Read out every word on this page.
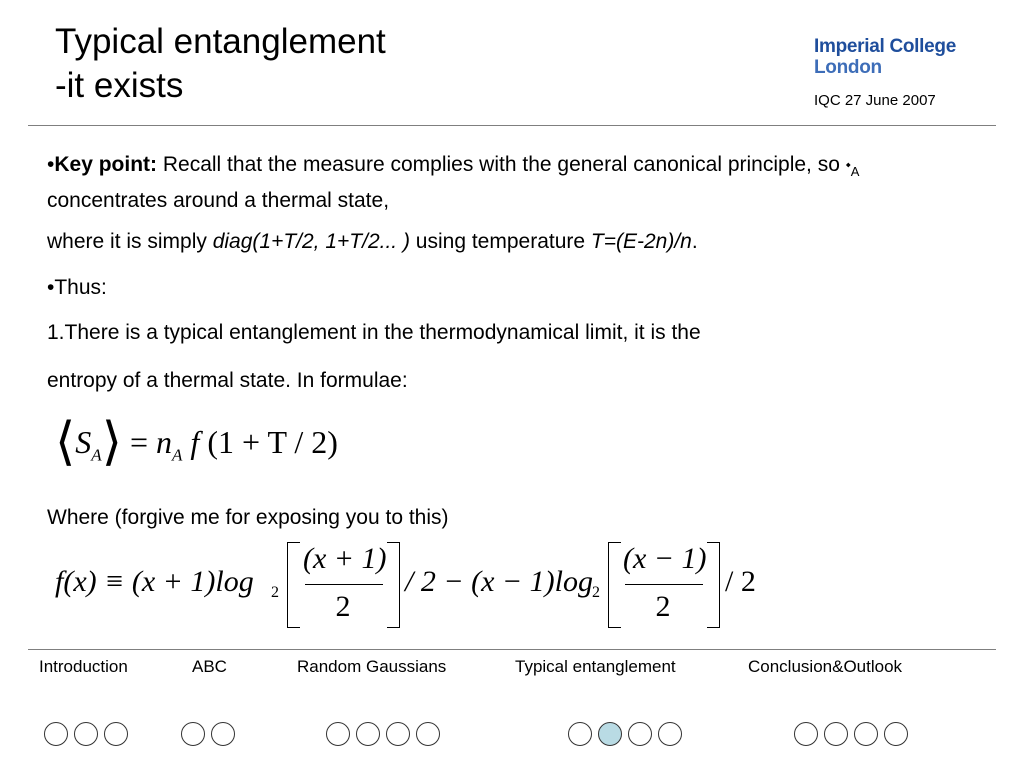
Typical entanglement
-it exists
Imperial College
London
IQC 27 June 2007
•Key point: Recall that the measure complies with the general canonical principle, so $⬩_A$ concentrates around a thermal state,
where it is simply diag(1+T/2, 1+T/2... ) using temperature T=(E-2n)/n.
•Thus:
1.There is a typical entanglement in the thermodynamical limit, it is the
entropy of a thermal state. In formulae:
$⟨S_A⟩ = n_A$ f (1 + T / 2)
Where (forgive me for exposing you to this)
f(x) ≡ (x + 1)log 2
(x + 1)
2
/ 2 − (x − 1)log 2
(x − 1)
2
/ 2
Introduction	ABC	Random Gaussians	Typical entanglement	Conclusion&Outlook
